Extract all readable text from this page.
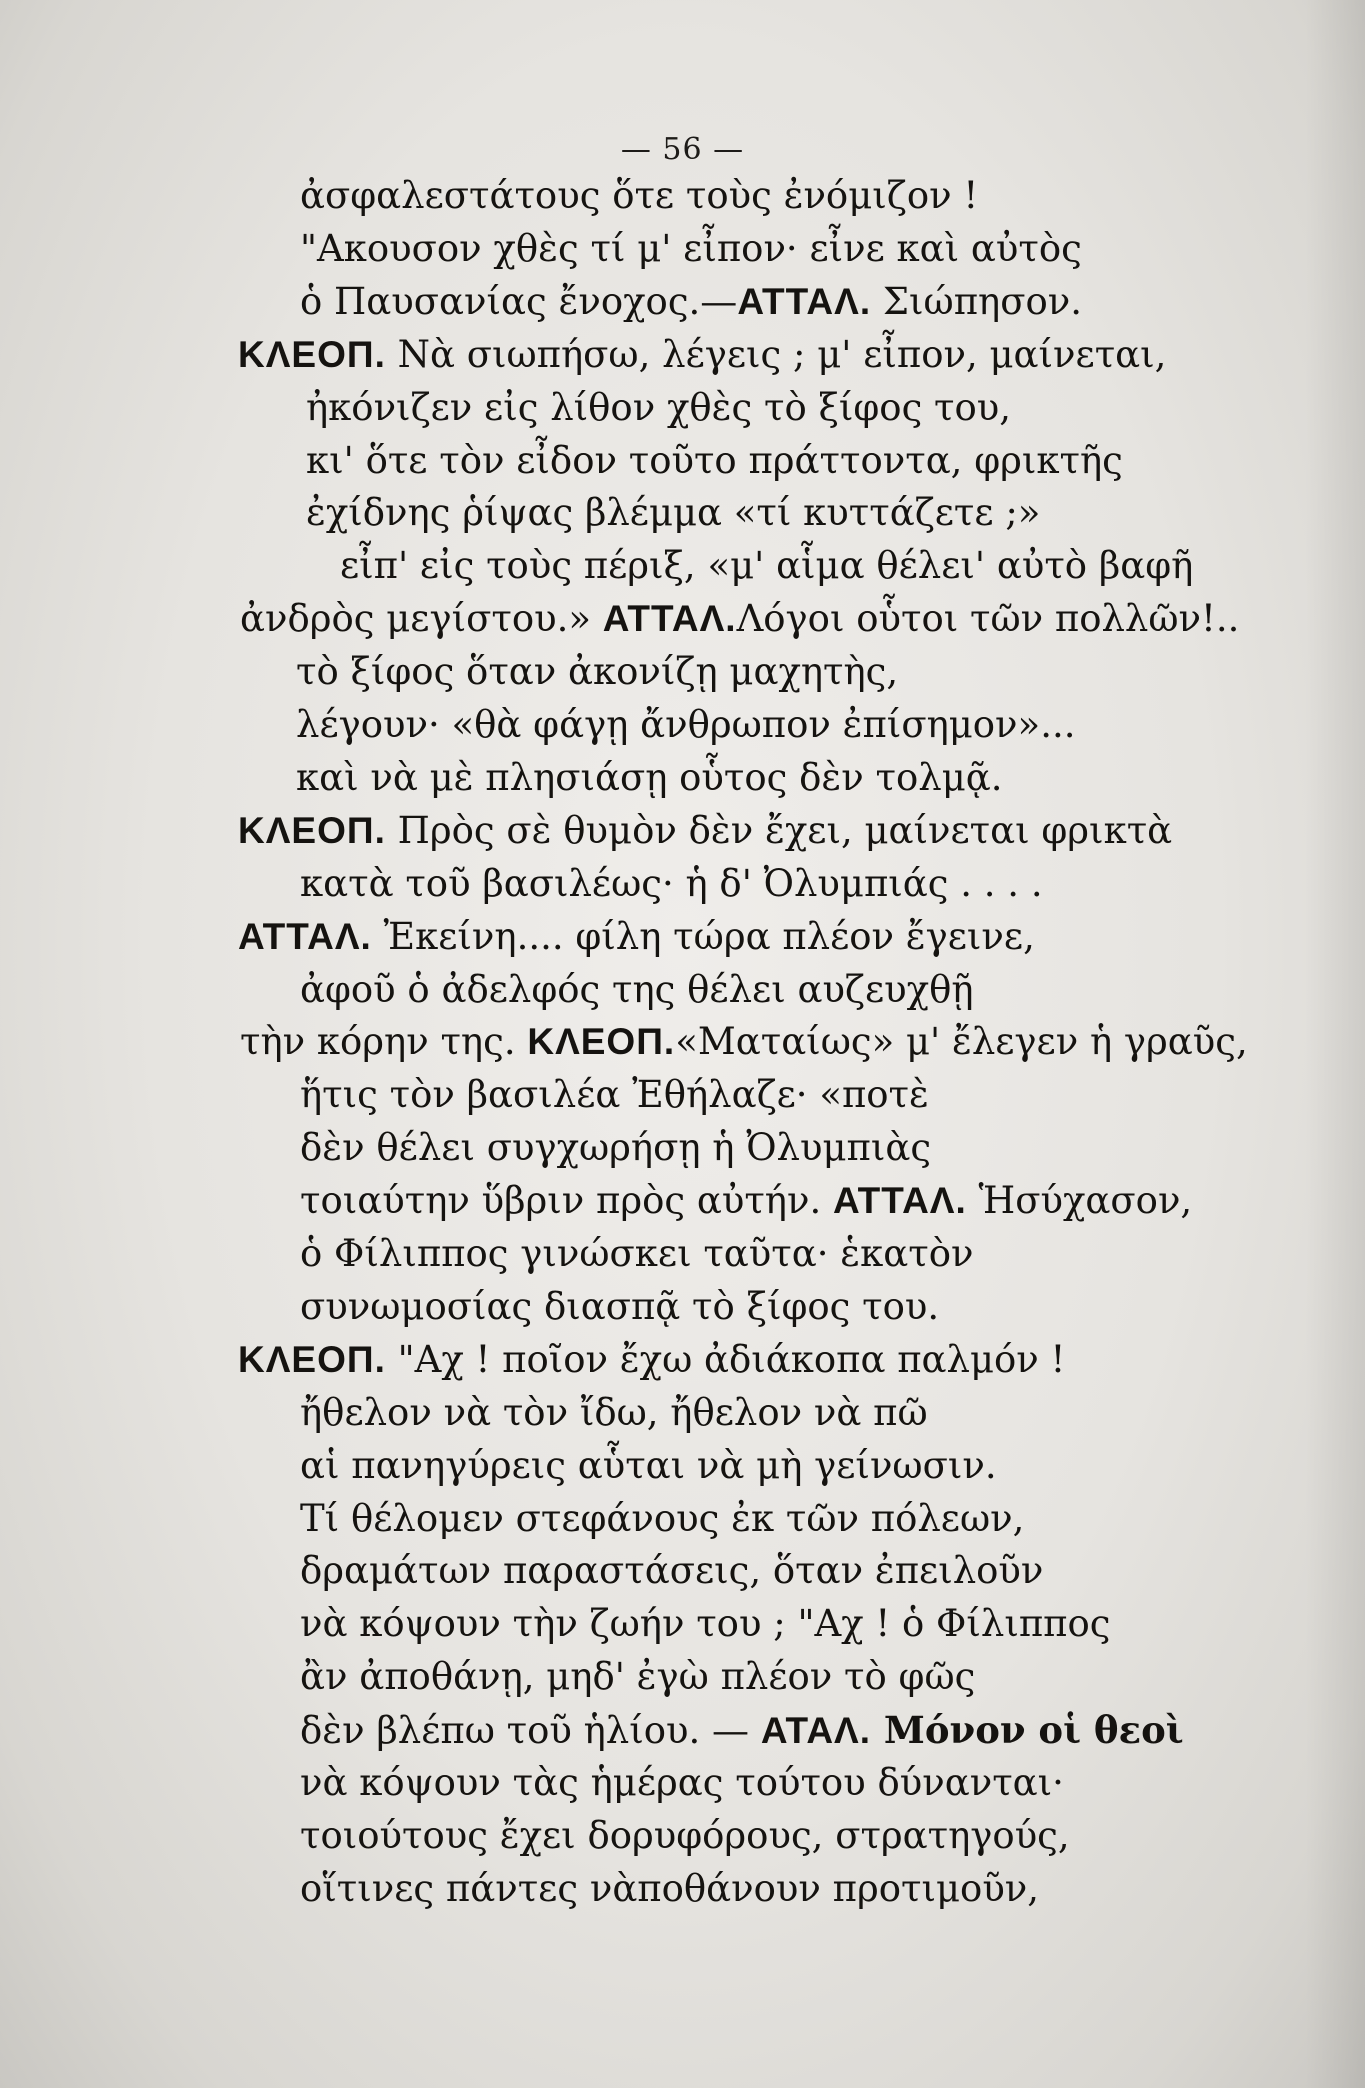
— 56 —
ἀσφαλεστάτους ὅτε τοὺς ἐνόμιζον !
"Ακουσον χθὲς τί μ' εἶπον· εἶνε καὶ αὐτὸς
ὁ Παυσανίας ἔνοχος.—ΑΤΤΑΛ. Σιώπησον.
ΚΛΕΟΠ. Νὰ σιωπήσω, λέγεις ; μ' εἶπον, μαίνεται,
ἠκόνιζεν εἰς λίθον χθὲς τὸ ξίφος του,
κι' ὅτε τὸν εἶδον τοῦτο πράττοντα, φρικτῆς
ἐχίδνης ῥίψας βλέμμα «τί κυττάζετε ;»
εἶπ' εἰς τοὺς πέριξ, «μ' αἷμα θέλει' αὐτὸ βαφῆ
ἀνδρὸς μεγίστου.» ΑΤΤΑΛ.Λόγοι οὗτοι τῶν πολλῶν!..
τὸ ξίφος ὅταν ἀκονίζῃ μαχητὴς,
λέγουν· «θὰ φάγῃ ἄνθρωπον ἐπίσημον»...
καὶ νὰ μὲ πλησιάσῃ οὗτος δὲν τολμᾷ.
ΚΛΕΟΠ. Πρὸς σὲ θυμὸν δὲν ἔχει, μαίνεται φρικτὰ
κατὰ τοῦ βασιλέως· ἡ δ' Ὀλυμπιάς . . . .
ΑΤΤΑΛ. Ἐκείνη.... φίλη τώρα πλέον ἔγεινε,
ἀφοῦ ὁ ἀδελφός της θέλει αυζευχθῇ
τὴν κόρην της. ΚΛΕΟΠ.«Ματαίως» μ' ἔλεγεν ἡ γραῦς,
ἥτις τὸν βασιλέα Ἐθήλαζε· «ποτὲ
δὲν θέλει συγχωρήσῃ ἡ Ὀλυμπιὰς
τοιαύτην ὕβριν πρὸς αὐτήν. ΑΤΤΑΛ. Ἡσύχασον,
ὁ Φίλιππος γινώσκει ταῦτα· ἑκατὸν
συνωμοσίας διασπᾷ τὸ ξίφος του.
ΚΛΕΟΠ. "Αχ ! ποῖον ἔχω ἀδιάκοπα παλμόν !
ἤθελον νὰ τὸν ἴδω, ἤθελον νὰ πῶ
αἱ πανηγύρεις αὗται νὰ μὴ γείνωσιν.
Τί θέλομεν στεφάνους ἐκ τῶν πόλεων,
δραμάτων παραστάσεις, ὅταν ἐπειλοῦν
νὰ κόψουν τὴν ζωήν του ; "Αχ ! ὁ Φίλιππος
ἂν ἀποθάνῃ, μηδ' ἐγὼ πλέον τὸ φῶς
δὲν βλέπω τοῦ ἡλίου. — ΑΤΑΛ. Μόνον οἱ θεοὶ
νὰ κόψουν τὰς ἡμέρας τούτου δύνανται·
τοιούτους ἔχει δορυφόρους, στρατηγούς,
οἵτινες πάντες νὰποθάνουν προτιμοῦν,
